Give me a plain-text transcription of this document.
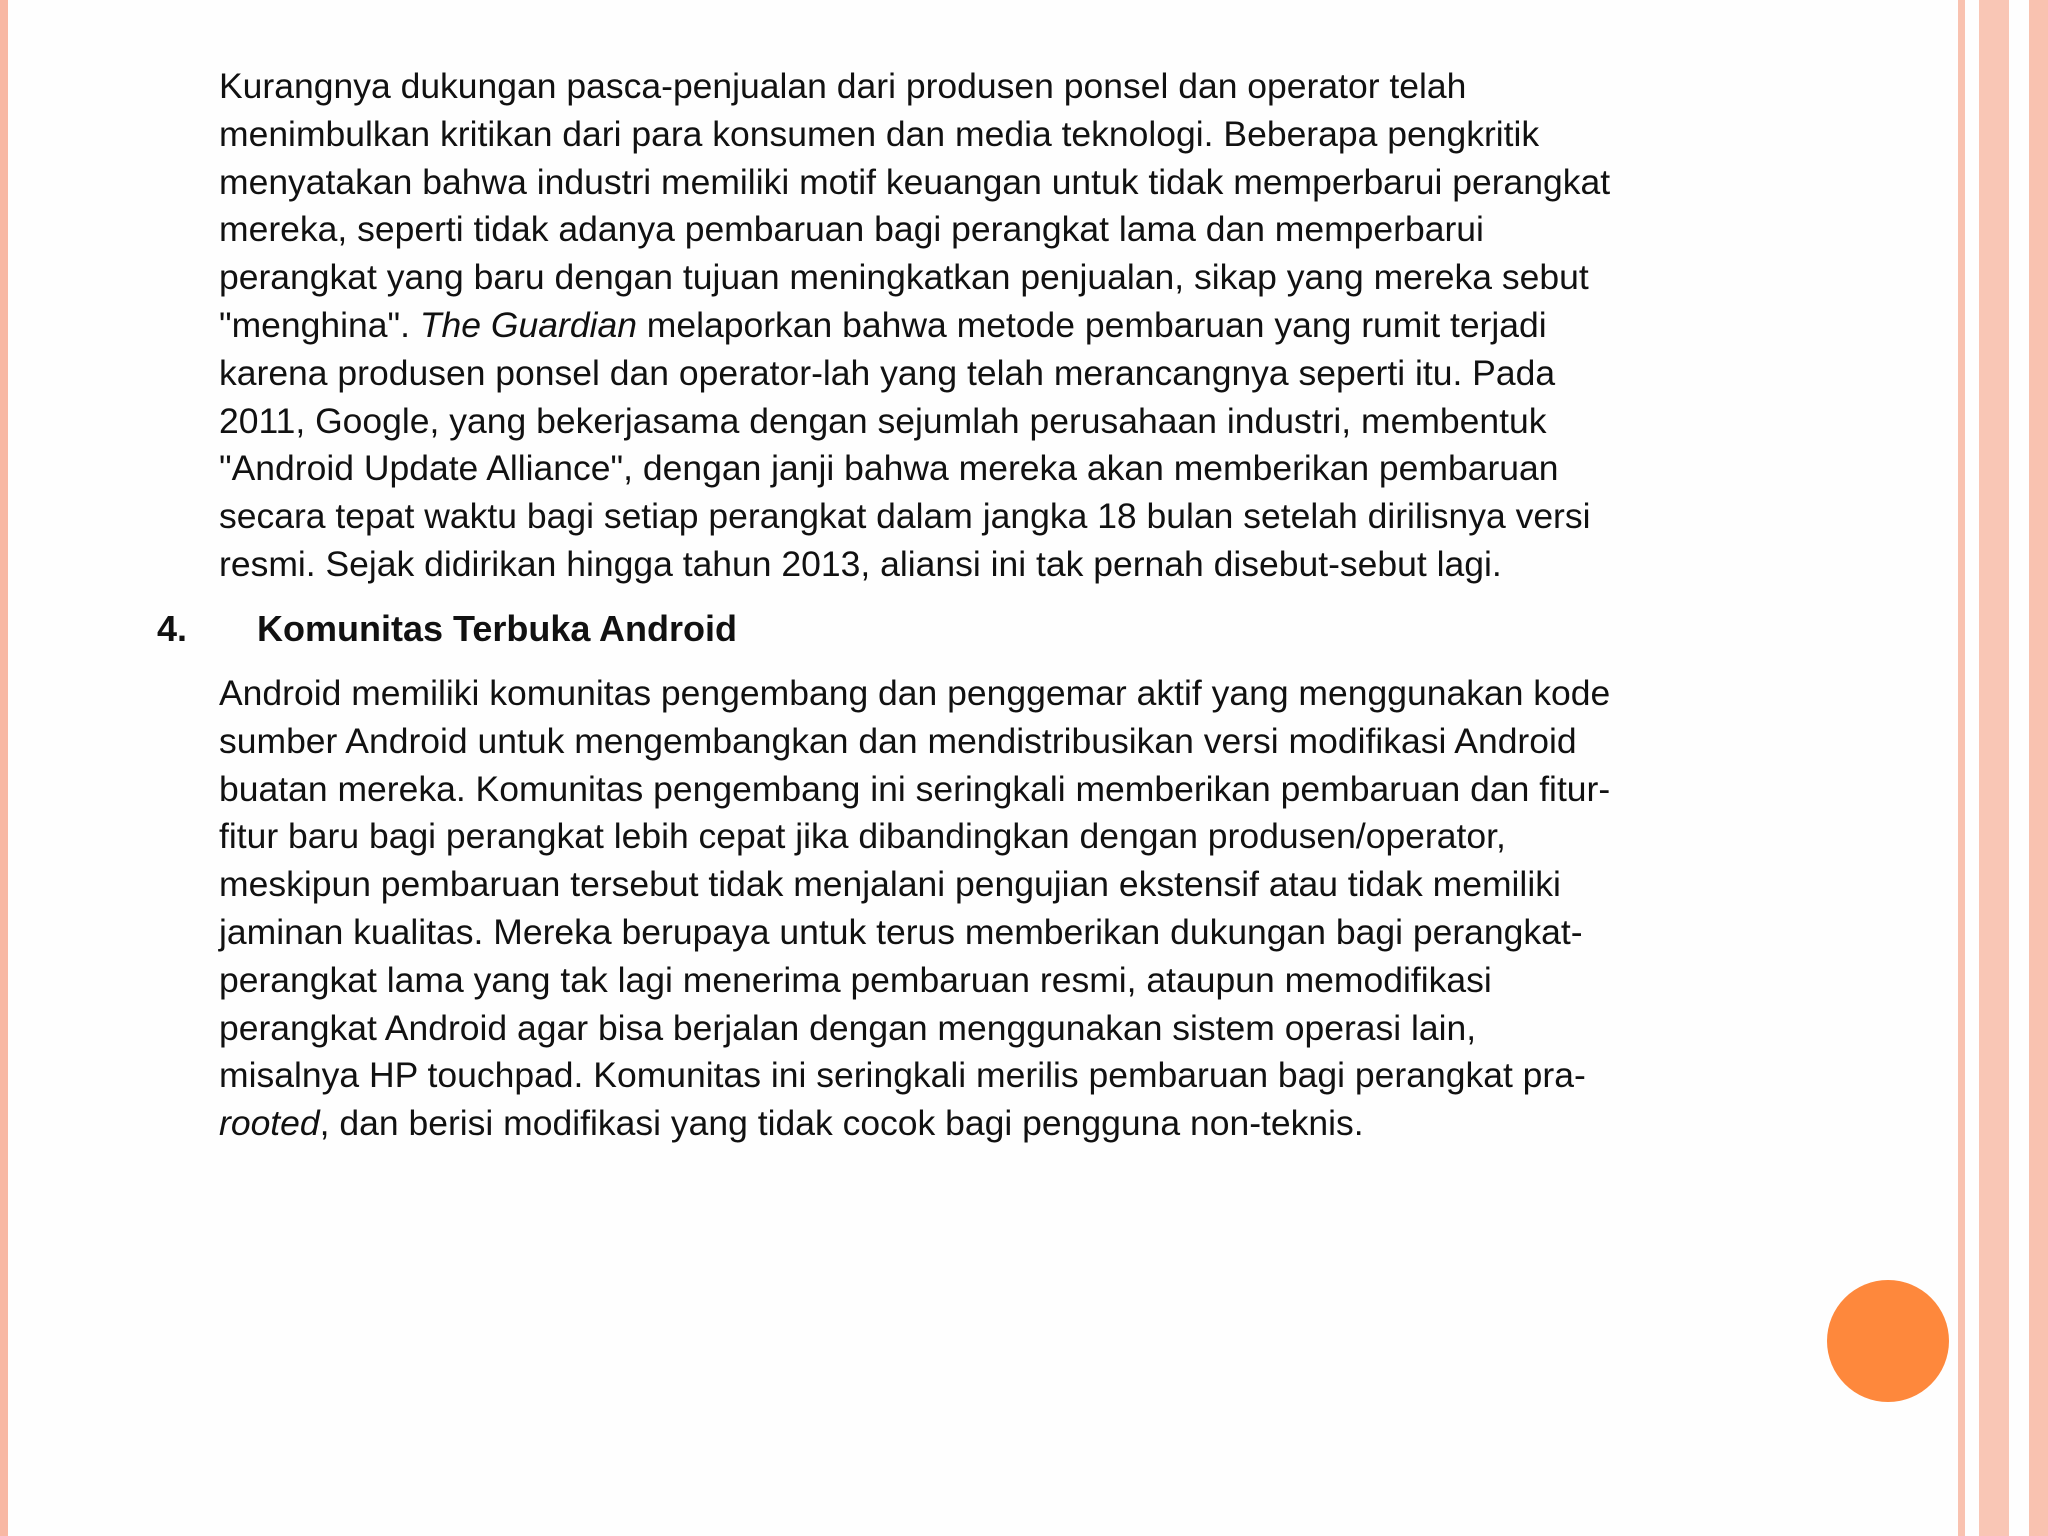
Kurangnya dukungan pasca-penjualan dari produsen ponsel dan operator telah
menimbulkan kritikan dari para konsumen dan media teknologi. Beberapa pengkritik
menyatakan bahwa industri memiliki motif keuangan untuk tidak memperbarui perangkat
mereka, seperti tidak adanya pembaruan bagi perangkat lama dan memperbarui
perangkat yang baru dengan tujuan meningkatkan penjualan, sikap yang mereka sebut
"menghina". The Guardian melaporkan bahwa metode pembaruan yang rumit terjadi
karena produsen ponsel dan operator-lah yang telah merancangnya seperti itu. Pada
2011, Google, yang bekerjasama dengan sejumlah perusahaan industri, membentuk
"Android Update Alliance", dengan janji bahwa mereka akan memberikan pembaruan
secara tepat waktu bagi setiap perangkat dalam jangka 18 bulan setelah dirilisnya versi
resmi. Sejak didirikan hingga tahun 2013, aliansi ini tak pernah disebut-sebut lagi.

4. Komunitas Terbuka Android

Android memiliki komunitas pengembang dan penggemar aktif yang menggunakan kode
sumber Android untuk mengembangkan dan mendistribusikan versi modifikasi Android
buatan mereka. Komunitas pengembang ini seringkali memberikan pembaruan dan fitur-
fitur baru bagi perangkat lebih cepat jika dibandingkan dengan produsen/operator,
meskipun pembaruan tersebut tidak menjalani pengujian ekstensif atau tidak memiliki
jaminan kualitas. Mereka berupaya untuk terus memberikan dukungan bagi perangkat-
perangkat lama yang tak lagi menerima pembaruan resmi, ataupun memodifikasi
perangkat Android agar bisa berjalan dengan menggunakan sistem operasi lain,
misalnya HP touchpad. Komunitas ini seringkali merilis pembaruan bagi perangkat pra-
rooted, dan berisi modifikasi yang tidak cocok bagi pengguna non-teknis.
